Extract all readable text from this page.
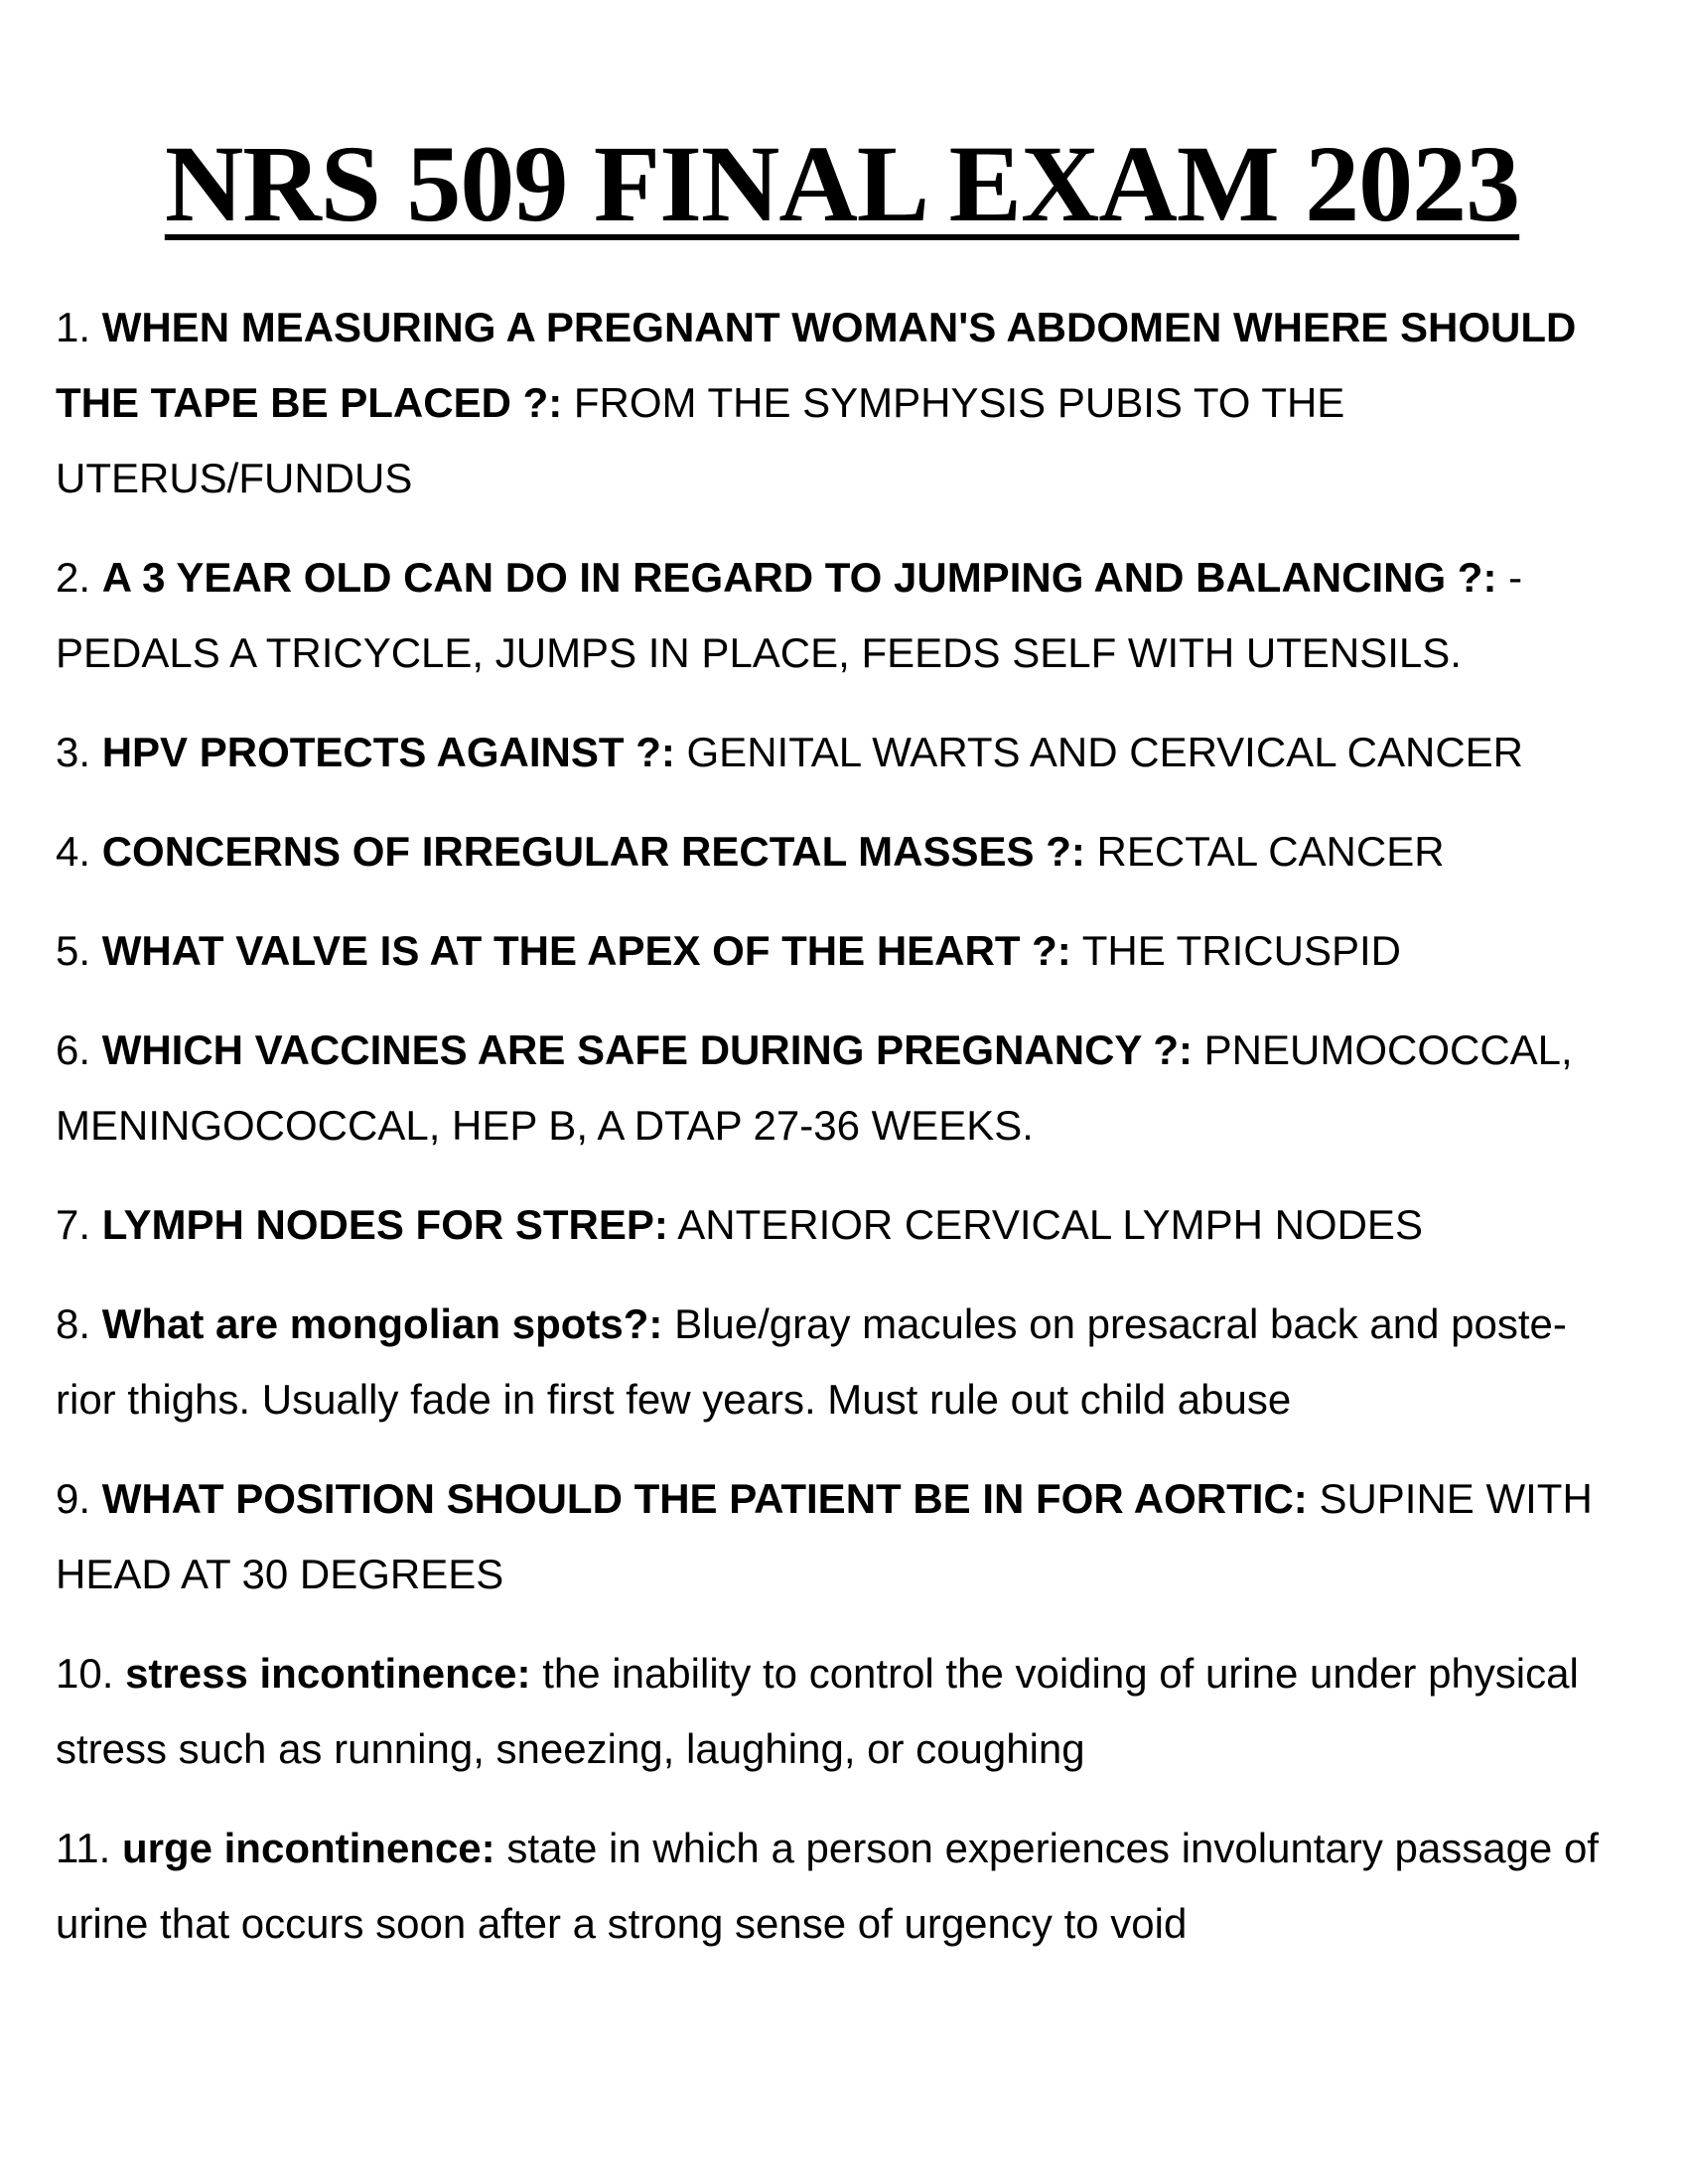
NRS 509 FINAL EXAM 2023
1. WHEN MEASURING A PREGNANT WOMAN'S ABDOMEN WHERE SHOULD THE TAPE BE PLACED ?: FROM THE SYMPHYSIS PUBIS TO THE UTERUS/FUNDUS
2. A 3 YEAR OLD CAN DO IN REGARD TO JUMPING AND BALANCING ?: - PEDALS A TRICYCLE, JUMPS IN PLACE, FEEDS SELF WITH UTENSILS.
3. HPV PROTECTS AGAINST ?: GENITAL WARTS AND CERVICAL CANCER
4. CONCERNS OF IRREGULAR RECTAL MASSES ?: RECTAL CANCER
5. WHAT VALVE IS AT THE APEX OF THE HEART ?: THE TRICUSPID
6. WHICH VACCINES ARE SAFE DURING PREGNANCY ?: PNEUMOCOCCAL, MENINGOCOCCAL, HEP B, A DTAP 27-36 WEEKS.
7. LYMPH NODES FOR STREP: ANTERIOR CERVICAL LYMPH NODES
8. What are mongolian spots?: Blue/gray macules on presacral back and poste- rior thighs. Usually fade in first few years. Must rule out child abuse
9. WHAT POSITION SHOULD THE PATIENT BE IN FOR AORTIC: SUPINE WITH HEAD AT 30 DEGREES
10. stress incontinence: the inability to control the voiding of urine under physical stress such as running, sneezing, laughing, or coughing
11. urge incontinence: state in which a person experiences involuntary passage of urine that occurs soon after a strong sense of urgency to void
